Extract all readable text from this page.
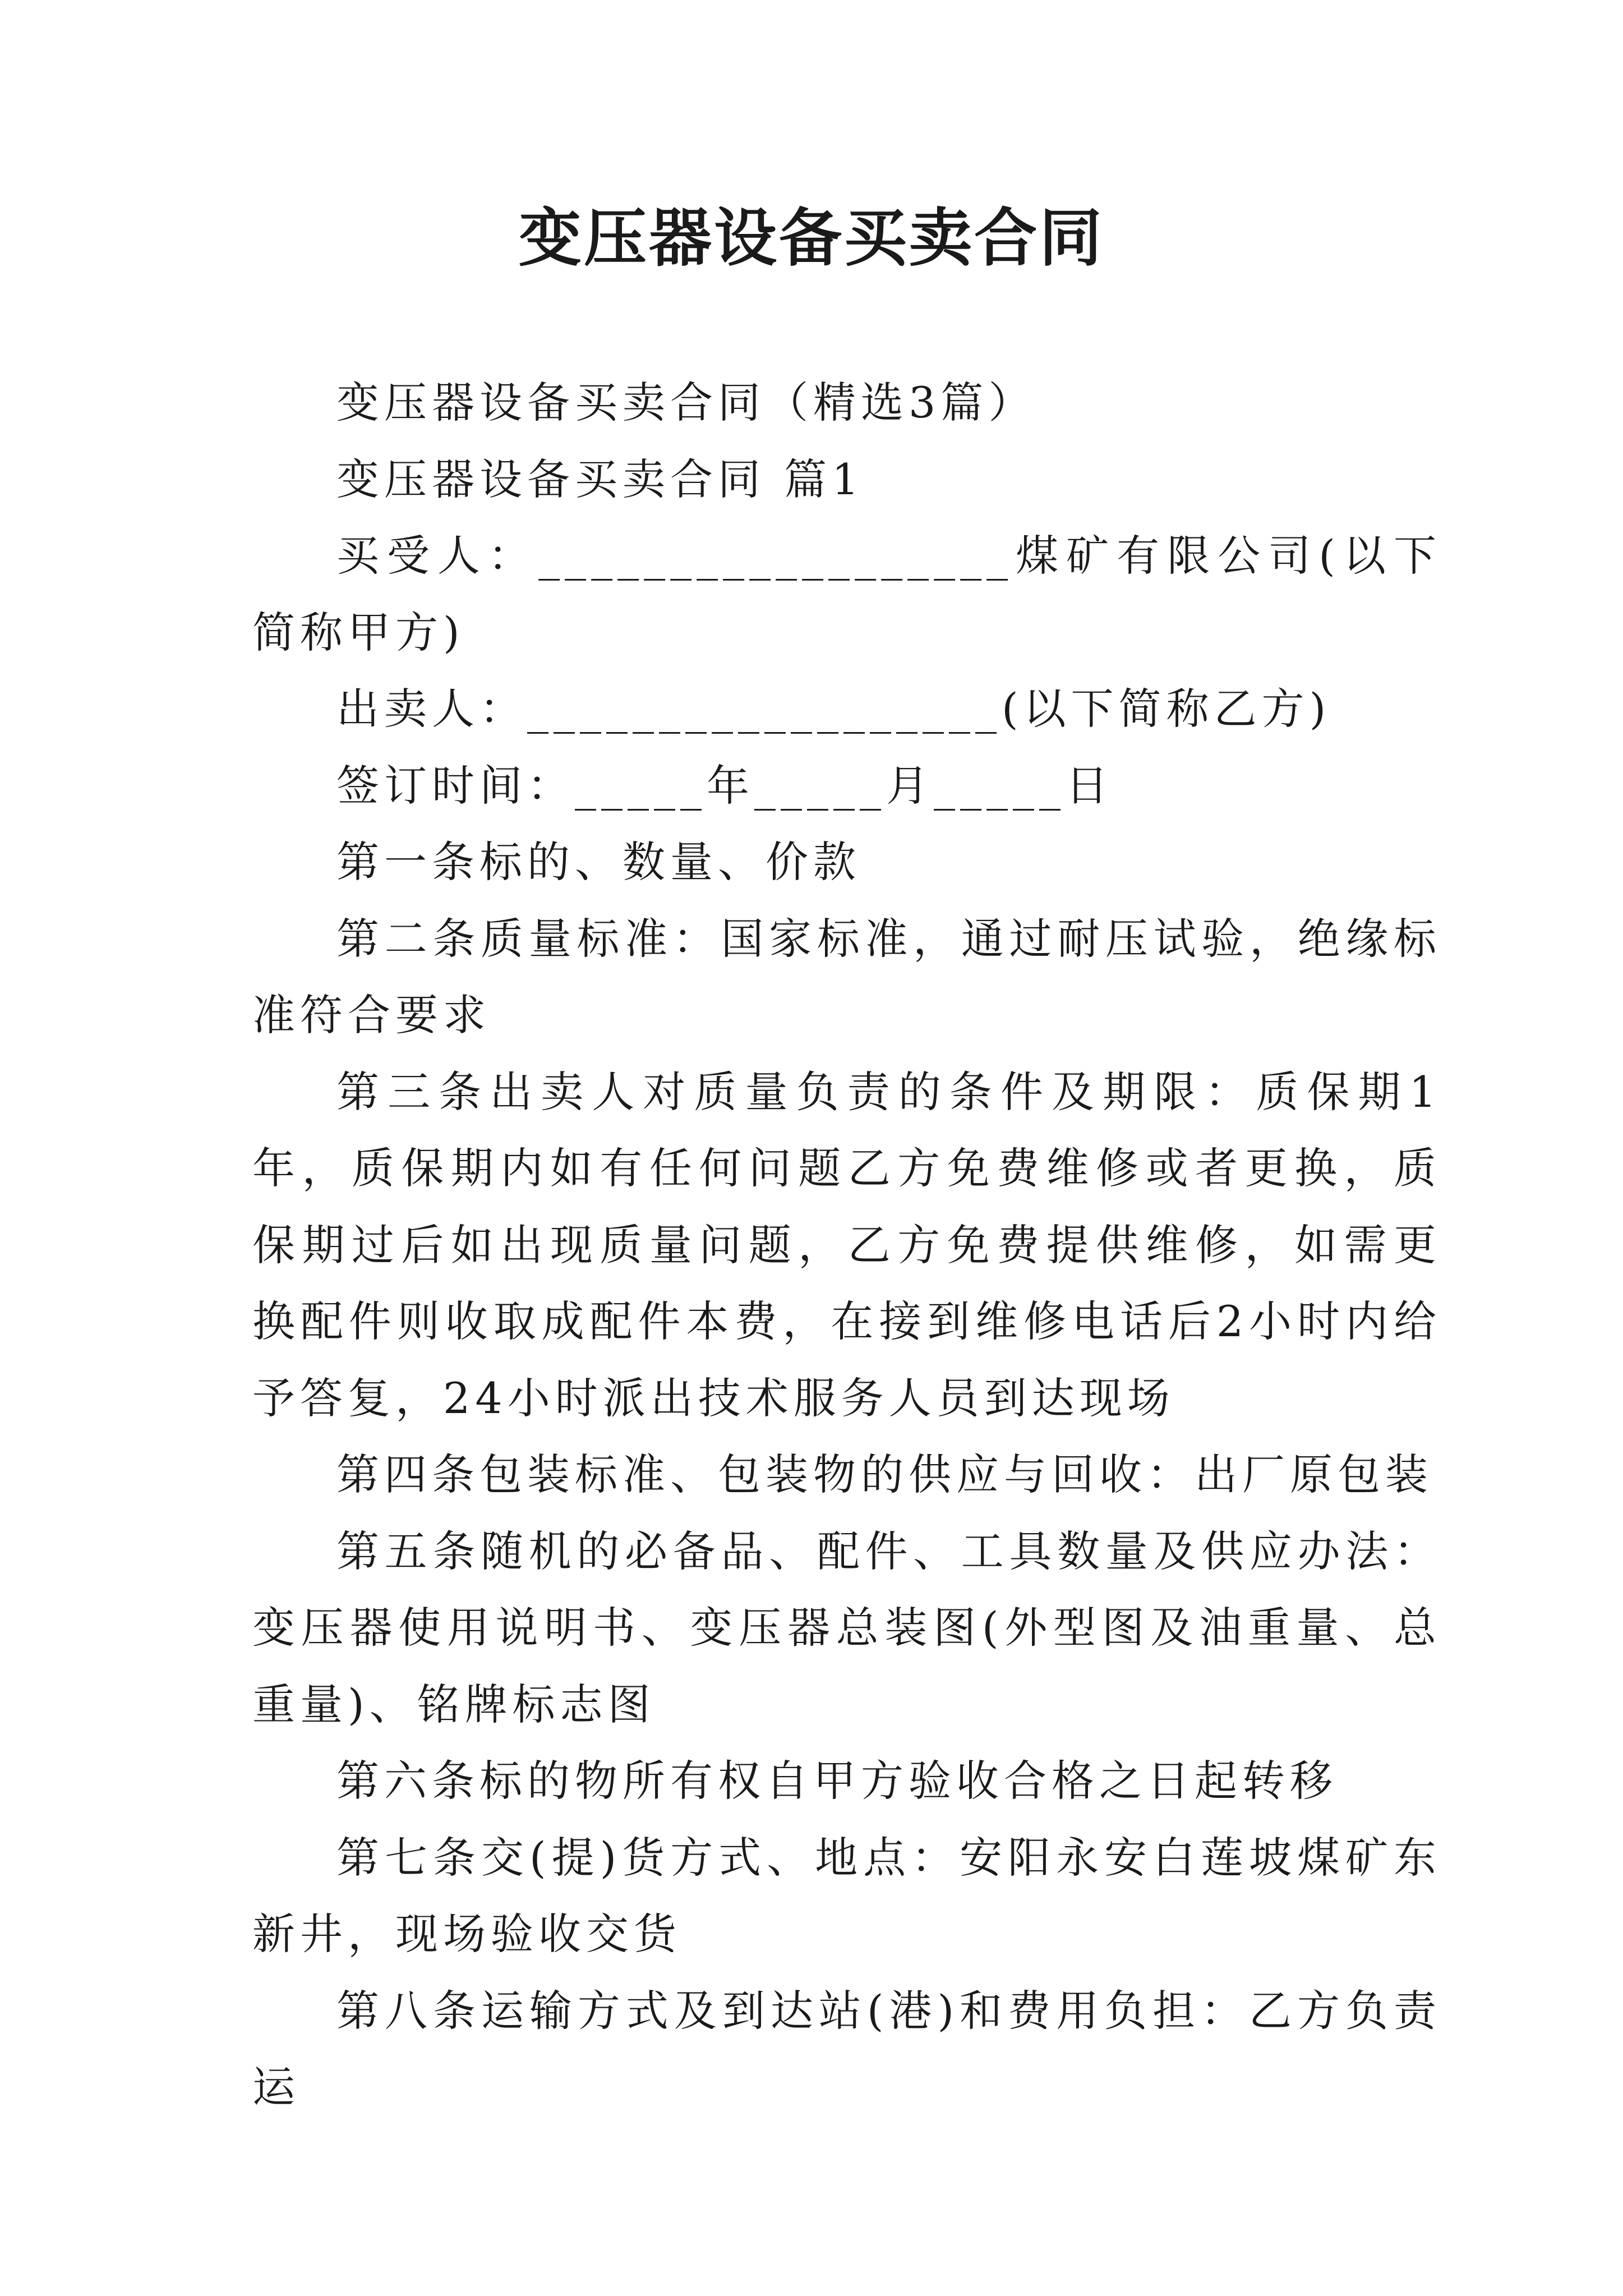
变压器设备买卖合同

变压器设备买卖合同（精选3篇）

变压器设备买卖合同 篇1

买受人：__________________煤矿有限公司(以下简称甲方)

出卖人：__________________(以下简称乙方)

签订时间：_____年_____月_____日

第一条标的、数量、价款

第二条质量标准：国家标准，通过耐压试验，绝缘标准符合要求

第三条出卖人对质量负责的条件及期限：质保期1年，质保期内如有任何问题乙方免费维修或者更换，质保期过后如出现质量问题，乙方免费提供维修，如需更换配件则收取成配件本费，在接到维修电话后2小时内给予答复，24小时派出技术服务人员到达现场

第四条包装标准、包装物的供应与回收：出厂原包装

第五条随机的必备品、配件、工具数量及供应办法：变压器使用说明书、变压器总装图(外型图及油重量、总重量)、铭牌标志图

第六条标的物所有权自甲方验收合格之日起转移

第七条交(提)货方式、地点：安阳永安白莲坡煤矿东新井，现场验收交货

第八条运输方式及到达站(港)和费用负担：乙方负责运
